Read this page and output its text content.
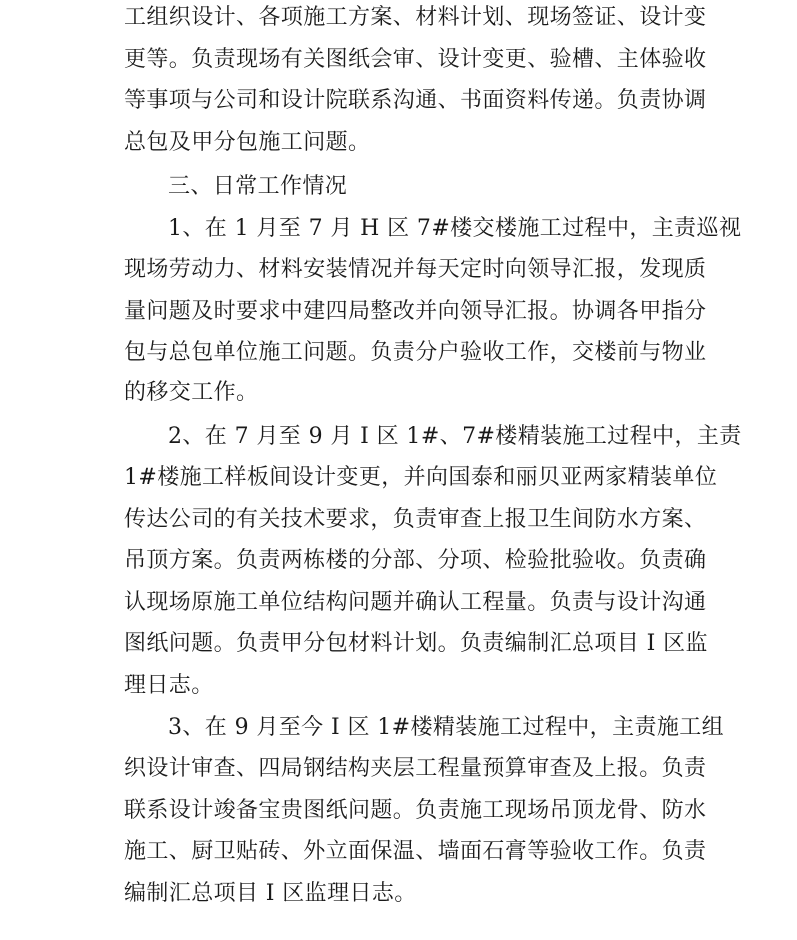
工组织设计、各项施工方案、材料计划、现场签证、设计变

更等。负责现场有关图纸会审、设计变更、验槽、主体验收

等事项与公司和设计院联系沟通、书面资料传递。负责协调

总包及甲分包施工问题。

三、日常工作情况

1、在 1 月至 7 月 H 区 7#楼交楼施工过程中，主责巡视

现场劳动力、材料安装情况并每天定时向领导汇报，发现质

量问题及时要求中建四局整改并向领导汇报。协调各甲指分

包与总包单位施工问题。负责分户验收工作，交楼前与物业

的移交工作。

2、在 7 月至 9 月 I 区 1#、7#楼精装施工过程中，主责

1#楼施工样板间设计变更，并向国泰和丽贝亚两家精装单位

传达公司的有关技术要求，负责审查上报卫生间防水方案、

吊顶方案。负责两栋楼的分部、分项、检验批验收。负责确

认现场原施工单位结构问题并确认工程量。负责与设计沟通

图纸问题。负责甲分包材料计划。负责编制汇总项目 I 区监

理日志。

3、在 9 月至今 I 区 1#楼精装施工过程中，主责施工组

织设计审查、四局钢结构夹层工程量预算审查及上报。负责

联系设计竣备宝贵图纸问题。负责施工现场吊顶龙骨、防水

施工、厨卫贴砖、外立面保温、墙面石膏等验收工作。负责

编制汇总项目 I 区监理日志。
